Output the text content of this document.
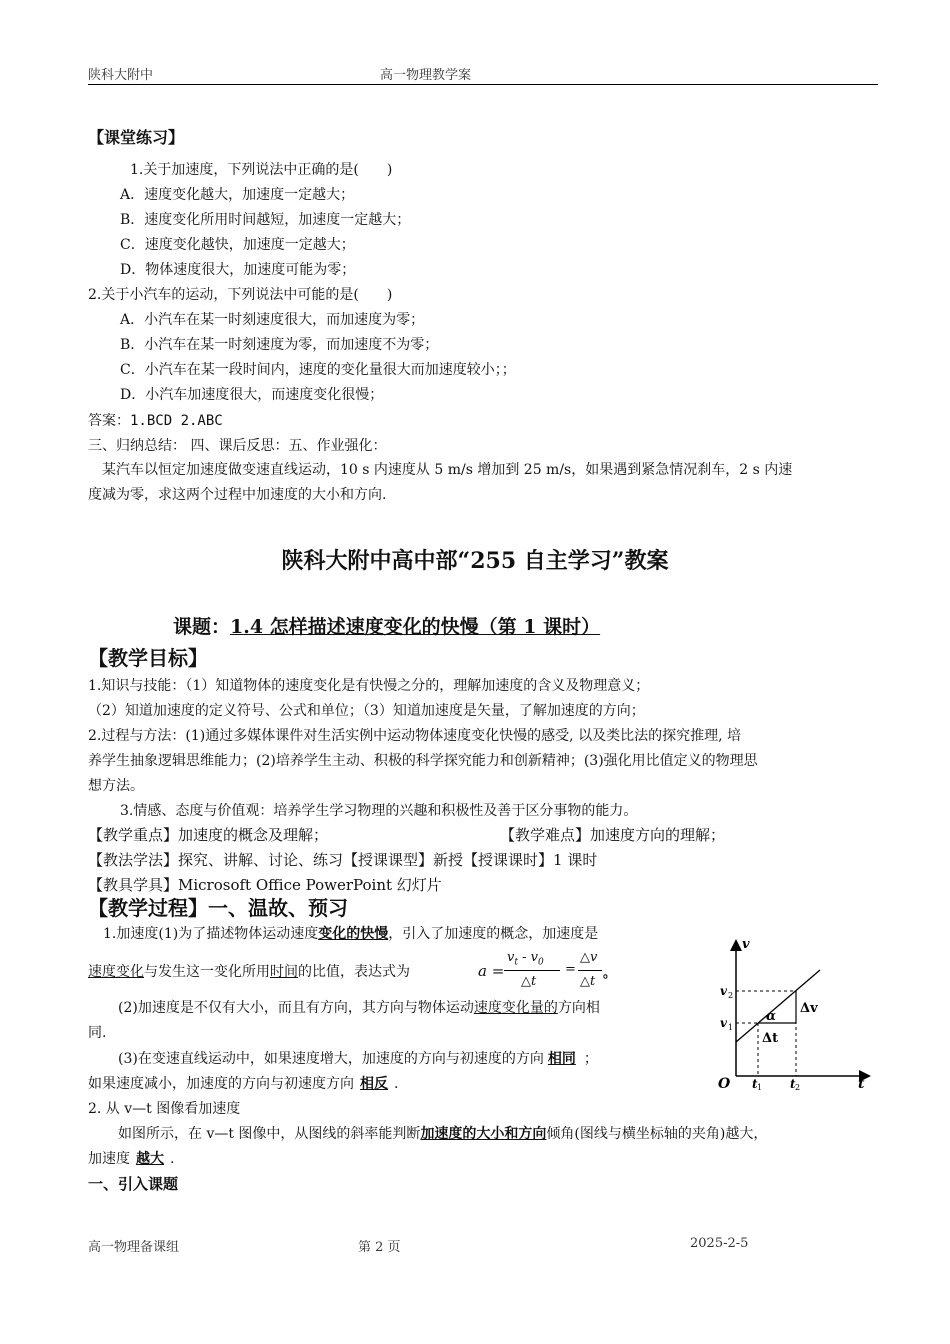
陕科大附中	高一物理教学案
【课堂练习】
1.关于加速度，下列说法中正确的是(　　)
A．速度变化越大，加速度一定越大；
B．速度变化所用时间越短，加速度一定越大；
C．速度变化越快，加速度一定越大；
D．物体速度很大，加速度可能为零；
2.关于小汽车的运动，下列说法中可能的是(　　)
A．小汽车在某一时刻速度很大，而加速度为零；
B．小汽车在某一时刻速度为零，而加速度不为零；
C．小汽车在某一段时间内，速度的变化量很大而加速度较小；；
D．小汽车加速度很大，而速度变化很慢；
答案：1.BCD 2.ABC
三、归纳总结： 四、课后反思：五、作业强化：
某汽车以恒定加速度做变速直线运动，10 s 内速度从 5 m/s 增加到 25 m/s，如果遇到紧急情况刹车，2 s 内速
度减为零，求这两个过程中加速度的大小和方向.
陕科大附中高中部“255 自主学习”教案
课题：1.4 怎样描述速度变化的快慢（第 1 课时）
【教学目标】
1.知识与技能：（1）知道物体的速度变化是有快慢之分的，理解加速度的含义及物理意义；
（2）知道加速度的定义符号、公式和单位；（3）知道加速度是矢量，了解加速度的方向；
2.过程与方法：(1)通过多媒体课件对生活实例中运动物体速度变化快慢的感受, 以及类比法的探究推理, 培
养学生抽象逻辑思维能力；(2)培养学生主动、积极的科学探究能力和创新精神；(3)强化用比值定义的物理思
想方法。
3.情感、态度与价值观：培养学生学习物理的兴趣和积极性及善于区分事物的能力。
【教学重点】加速度的概念及理解；	【教学难点】加速度方向的理解；
【教法学法】探究、讲解、讨论、练习【授课课型】新授【授课课时】1 课时
【教具学具】Microsoft Office PowerPoint 幻灯片
【教学过程】一、温故、预习
1.加速度(1)为了描述物体运动速度变化的快慢，引入了加速度的概念，加速度是
速度变化与发生这一变化所用时间的比值，表达式为	a =
$v_t - v_0$
△t
=
△v
△t
。
(2)加速度是不仅有大小，而且有方向，其方向与物体运动速度变化量的方向相
同.
(3)在变速直线运动中，如果速度增大，加速度的方向与初速度的方向 相同 ；
如果速度减小，加速度的方向与初速度方向 相反 .
2. 从 v—t 图像看加速度
如图所示，在 v—t 图像中，从图线的斜率能判断加速度的大小和方向倾角(图线与横坐标轴的夹角)越大，
加速度 越大 .
一、引入课题
v
t
O
v 1
v 2
t 1 t 2
α
Δv
Δt
高一物理备课组	第 2 页	2025-2-5
